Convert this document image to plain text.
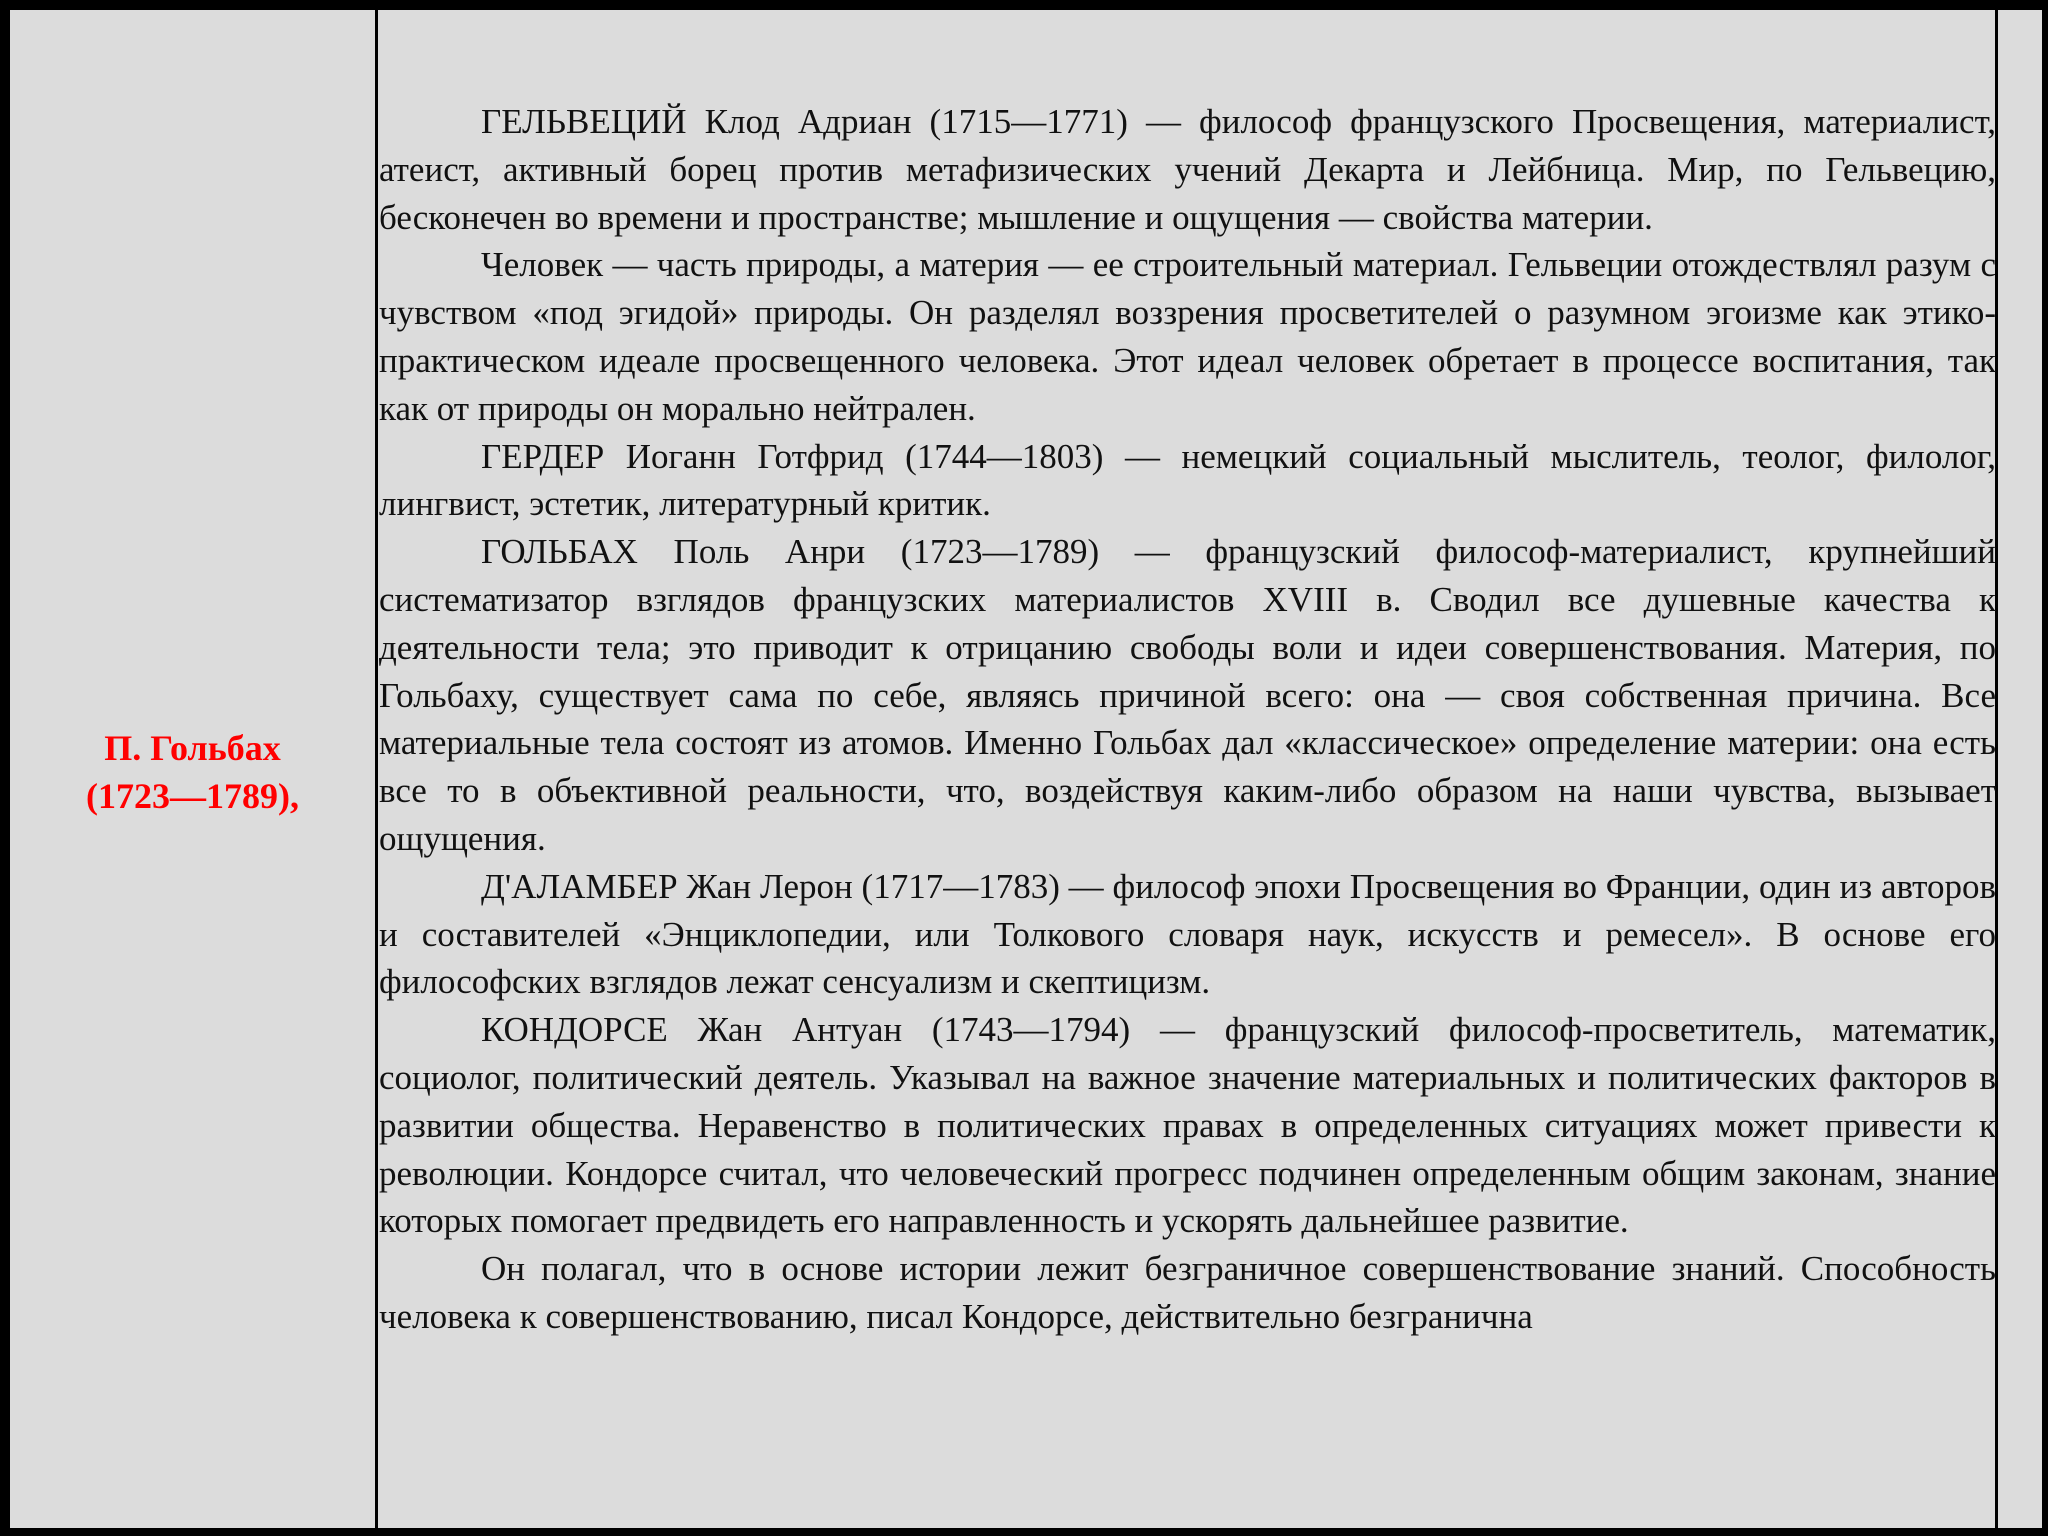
П. Гольбах
(1723—1789),

ГЕЛЬВЕЦИЙ Клод Адриан (1715—1771) — философ французского Просвещения, материалист, атеист, активный борец против метафизических учений Декарта и Лейбница. Мир, по Гельвецию, бесконечен во времени и пространстве; мышление и ощущения — свойства материи.

Человек — часть природы, а материя — ее строительный материал. Гельвеции отождествлял разум с чувством «под эгидой» природы. Он разделял воззрения просветителей о разумном эгоизме как этико-практическом идеале просвещенного человека. Этот идеал человек обретает в процессе воспитания, так как от природы он морально нейтрален.

ГЕРДЕР Иоганн Готфрид (1744—1803) — немецкий социальный мыслитель, теолог, филолог, лингвист, эстетик, литературный критик.

ГОЛЬБАХ Поль Анри (1723—1789) — французский философ-материалист, крупнейший систематизатор взглядов французских материалистов XVIII в. Сводил все душевные качества к деятельности тела; это приводит к отрицанию свободы воли и идеи совершенствования. Материя, по Гольбаху, существует сама по себе, являясь причиной всего: она — своя собственная причина. Все материальные тела состоят из атомов. Именно Гольбах дал «классическое» определение материи: она есть все то в объективной реальности, что, воздействуя каким-либо образом на наши чувства, вызывает ощущения.

Д'АЛАМБЕР Жан Лерон (1717—1783) — философ эпохи Просвещения во Франции, один из авторов и составителей «Энциклопедии, или Толкового словаря наук, искусств и ремесел». В основе его философских взглядов лежат сенсуализм и скептицизм.

КОНДОРСЕ Жан Антуан (1743—1794) — французский философ-просветитель, математик, социолог, политический деятель. Указывал на важное значение материальных и политических факторов в развитии общества. Неравенство в политических правах в определенных ситуациях может привести к революции. Кондорсе считал, что человеческий прогресс подчинен определенным общим законам, знание которых помогает предвидеть его направленность и ускорять дальнейшее развитие.

Он полагал, что в основе истории лежит безграничное совершенствование знаний. Способность человека к совершенствованию, писал Кондорсе, действительно безгранична
